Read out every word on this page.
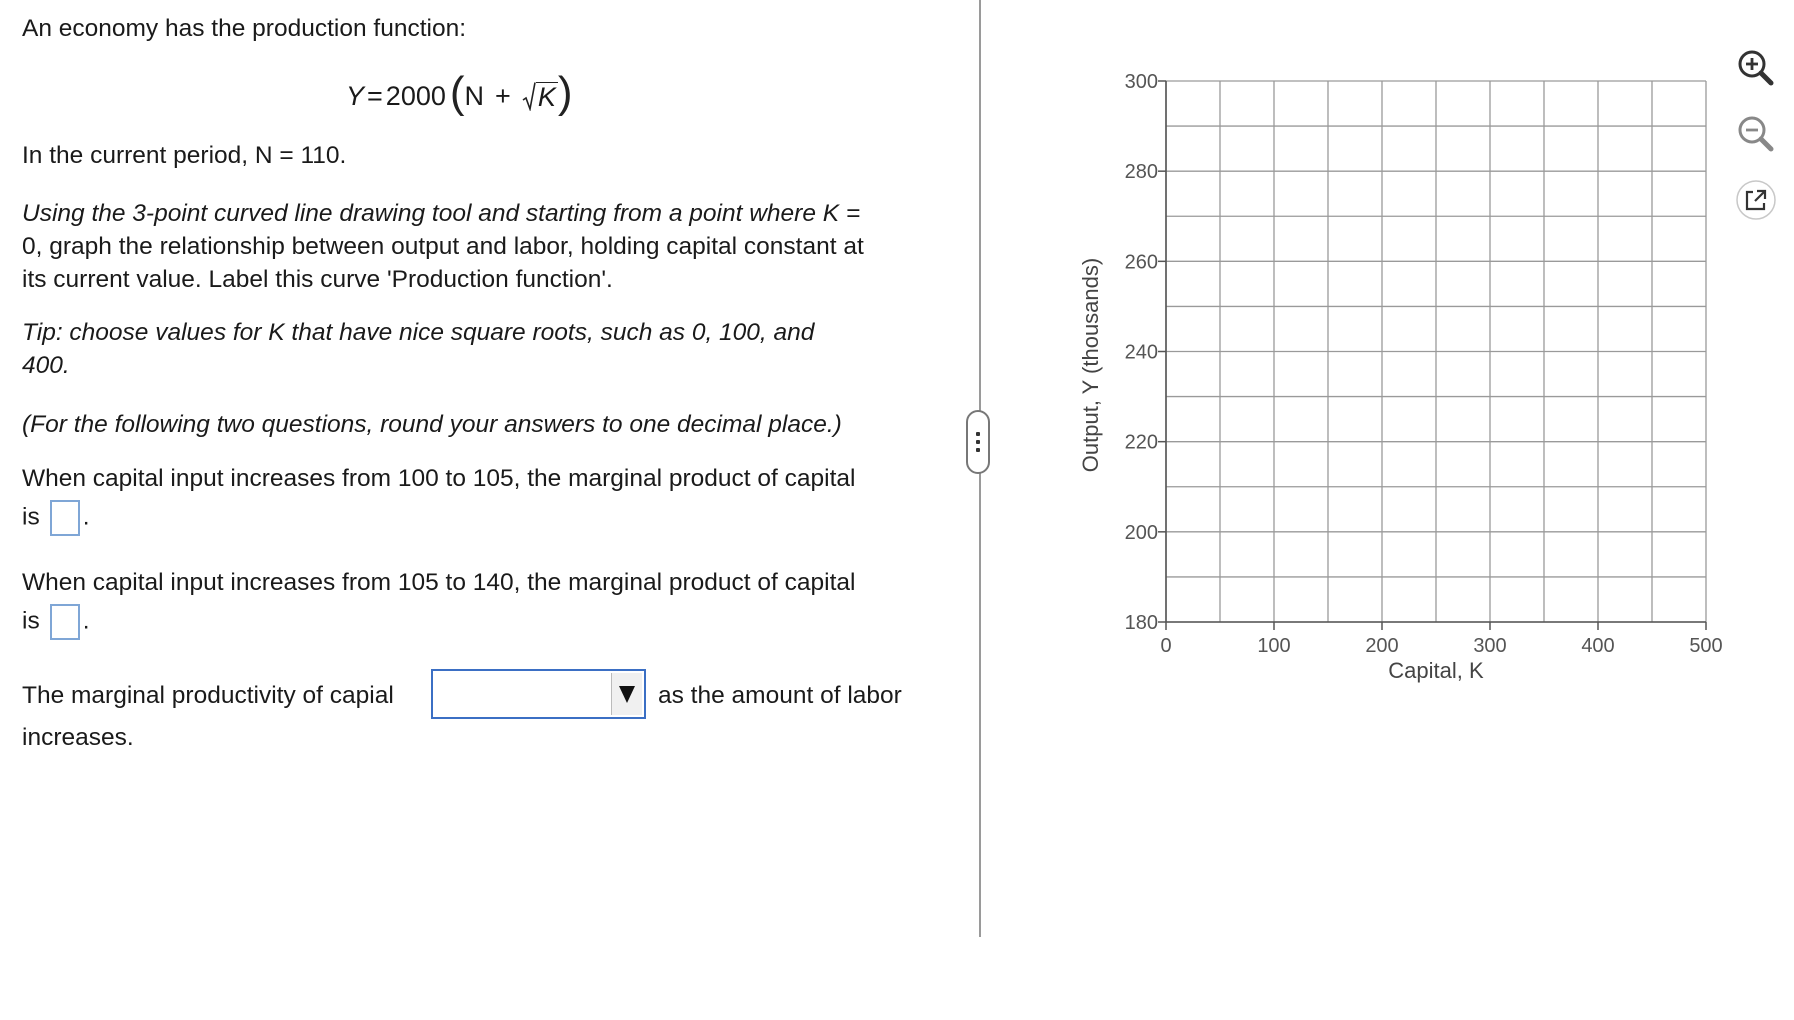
An economy has the production function:
Y = 2000 ( N + K )
In the current period, N = 110.
Using the 3-point curved line drawing tool and starting from a point where K =
0, graph the relationship between output and labor, holding capital constant at
its current value. Label this curve 'Production function'.
Tip: choose values for K that have nice square roots, such as 0, 100, and
400.
(For the following two questions, round your answers to one decimal place.)
When capital input increases from 100 to 105, the marginal product of capital
is .
When capital input increases from 105 to 140, the marginal product of capital
is .
The marginal productivity of capial	as the amount of labor
increases.
180
200
220
240
260
280
300
0	100	200	300	400	500
Output, Y (thousands)
Capital, K
